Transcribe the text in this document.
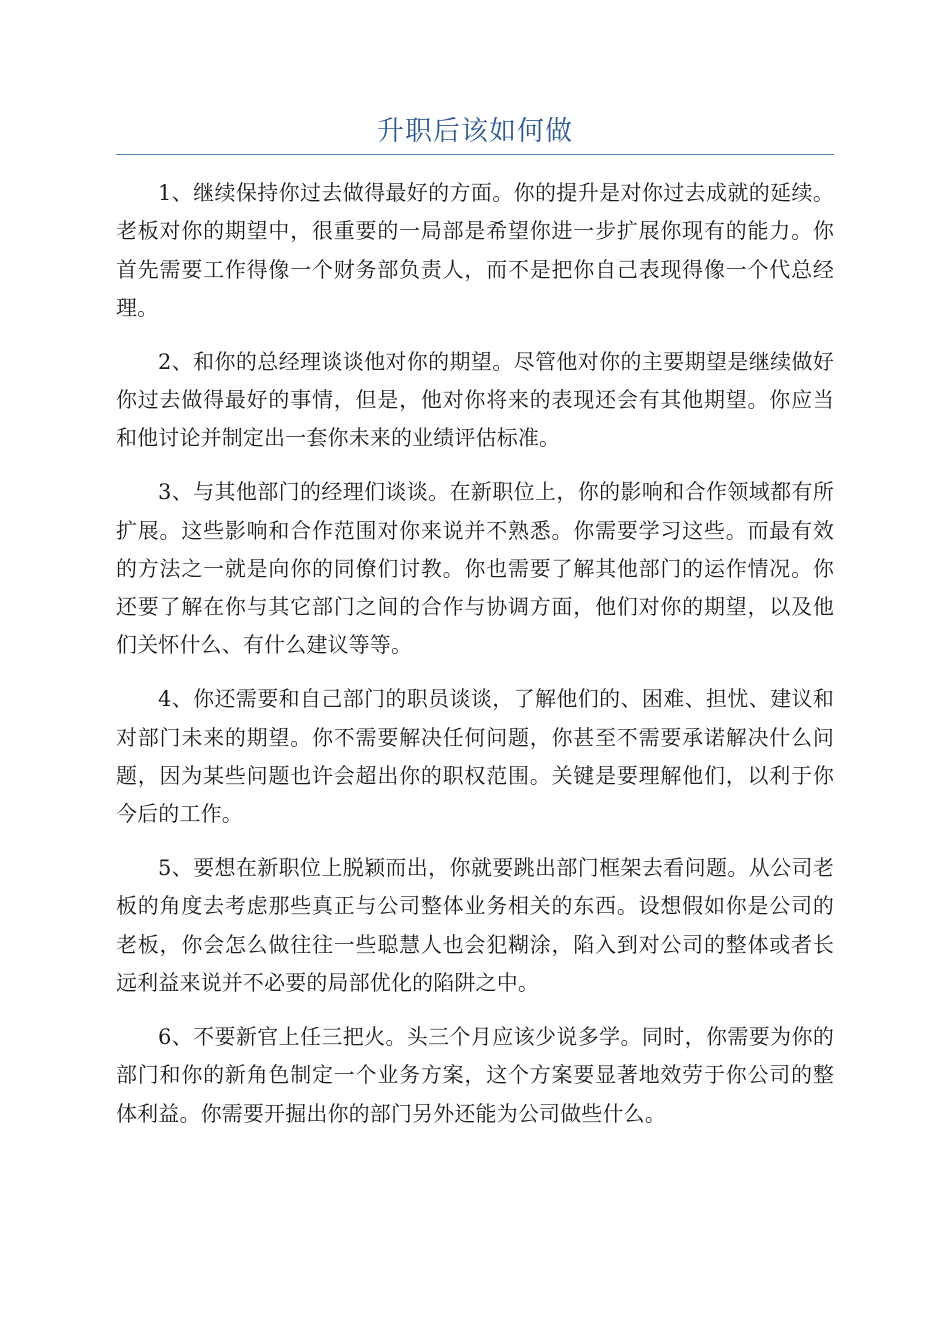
升职后该如何做

1、继续保持你过去做得最好的方面。你的提升是对你过去成就的延续。老板对你的期望中，很重要的一局部是希望你进一步扩展你现有的能力。你首先需要工作得像一个财务部负责人，而不是把你自己表现得像一个代总经理。

2、和你的总经理谈谈他对你的期望。尽管他对你的主要期望是继续做好你过去做得最好的事情，但是，他对你将来的表现还会有其他期望。你应当和他讨论并制定出一套你未来的业绩评估标准。

3、与其他部门的经理们谈谈。在新职位上，你的影响和合作领域都有所扩展。这些影响和合作范围对你来说并不熟悉。你需要学习这些。而最有效的方法之一就是向你的同僚们讨教。你也需要了解其他部门的运作情况。你还要了解在你与其它部门之间的合作与协调方面，他们对你的期望，以及他们关怀什么、有什么建议等等。

4、你还需要和自己部门的职员谈谈，了解他们的、困难、担忧、建议和对部门未来的期望。你不需要解决任何问题，你甚至不需要承诺解决什么问题，因为某些问题也许会超出你的职权范围。关键是要理解他们，以利于你今后的工作。

5、要想在新职位上脱颖而出，你就要跳出部门框架去看问题。从公司老板的角度去考虑那些真正与公司整体业务相关的东西。设想假如你是公司的老板，你会怎么做往往一些聪慧人也会犯糊涂，陷入到对公司的整体或者长远利益来说并不必要的局部优化的陷阱之中。

6、不要新官上任三把火。头三个月应该少说多学。同时，你需要为你的部门和你的新角色制定一个业务方案，这个方案要显著地效劳于你公司的整体利益。你需要开掘出你的部门另外还能为公司做些什么。
